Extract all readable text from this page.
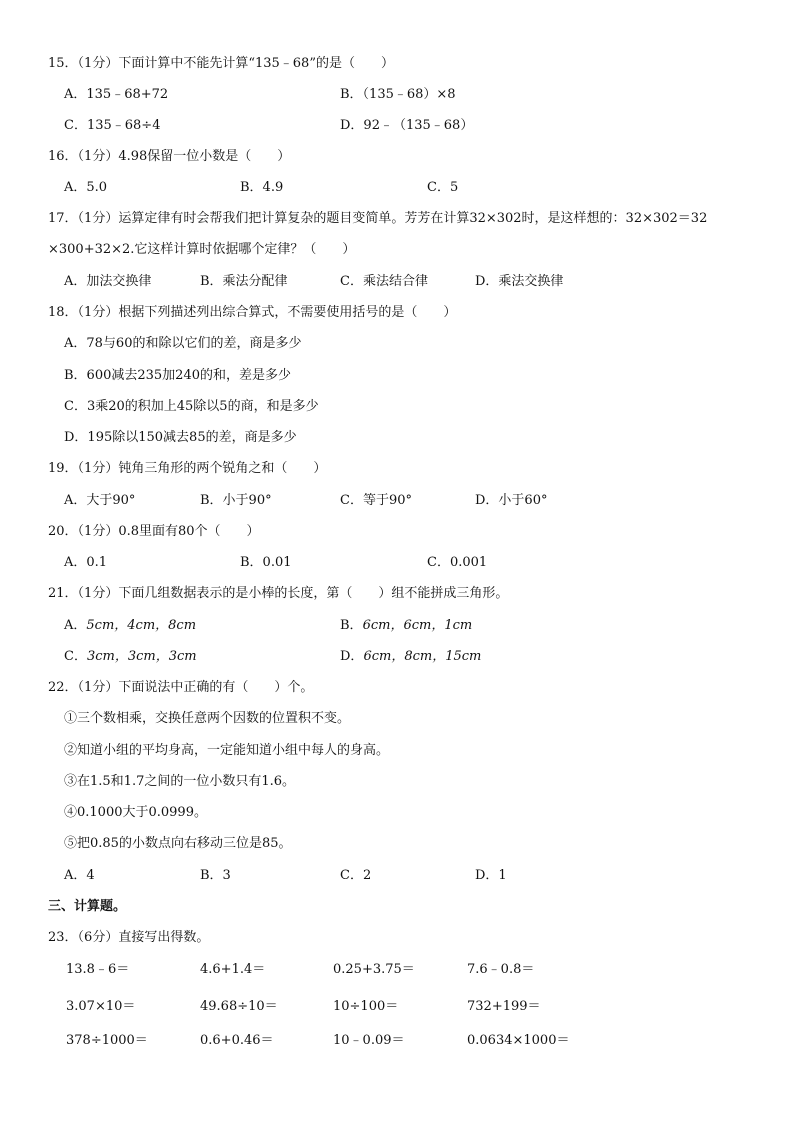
15．（1分）下面计算中不能先计算“135﹣68”的是（　　）
A．135﹣68+72	B．（135﹣68）×8
C．135﹣68÷4	D．92﹣（135﹣68）
16．（1分）4.98保留一位小数是（　　）
A．5.0	B．4.9	C．5
17．（1分）运算定律有时会帮我们把计算复杂的题目变简单。芳芳在计算32×302时，是这样想的：32×302＝32
×300+32×2.它这样计算时依据哪个定律？（　　）
A．加法交换律	B．乘法分配律	C．乘法结合律	D．乘法交换律
18．（1分）根据下列描述列出综合算式，不需要使用括号的是（　　）
A．78与60的和除以它们的差，商是多少
B．600减去235加240的和，差是多少
C．3乘20的积加上45除以5的商，和是多少
D．195除以150减去85的差，商是多少
19．（1分）钝角三角形的两个锐角之和（　　）
A．大于90°	B．小于90°	C．等于90°	D．小于60°
20．（1分）0.8里面有80个（　　）
A．0.1	B．0.01	C．0.001
21．（1分）下面几组数据表示的是小棒的长度，第（　　）组不能拼成三角形。
A．5cm，4cm，8cm	B．6cm，6cm，1cm
C．3cm，3cm，3cm	D．6cm，8cm，15cm
22．（1分）下面说法中正确的有（　　）个。
①三个数相乘，交换任意两个因数的位置积不变。
②知道小组的平均身高，一定能知道小组中每人的身高。
③在1.5和1.7之间的一位小数只有1.6。
④0.1000大于0.0999。
⑤把0.85的小数点向右移动三位是85。
A．4	B．3	C．2	D．1
三、计算题。
23．（6分）直接写出得数。
13.8﹣6＝	4.6+1.4＝	0.25+3.75＝	7.6﹣0.8＝
3.07×10＝	49.68÷10＝	10÷100＝	732+199＝
378÷1000＝	0.6+0.46＝	10﹣0.09＝	0.0634×1000＝
